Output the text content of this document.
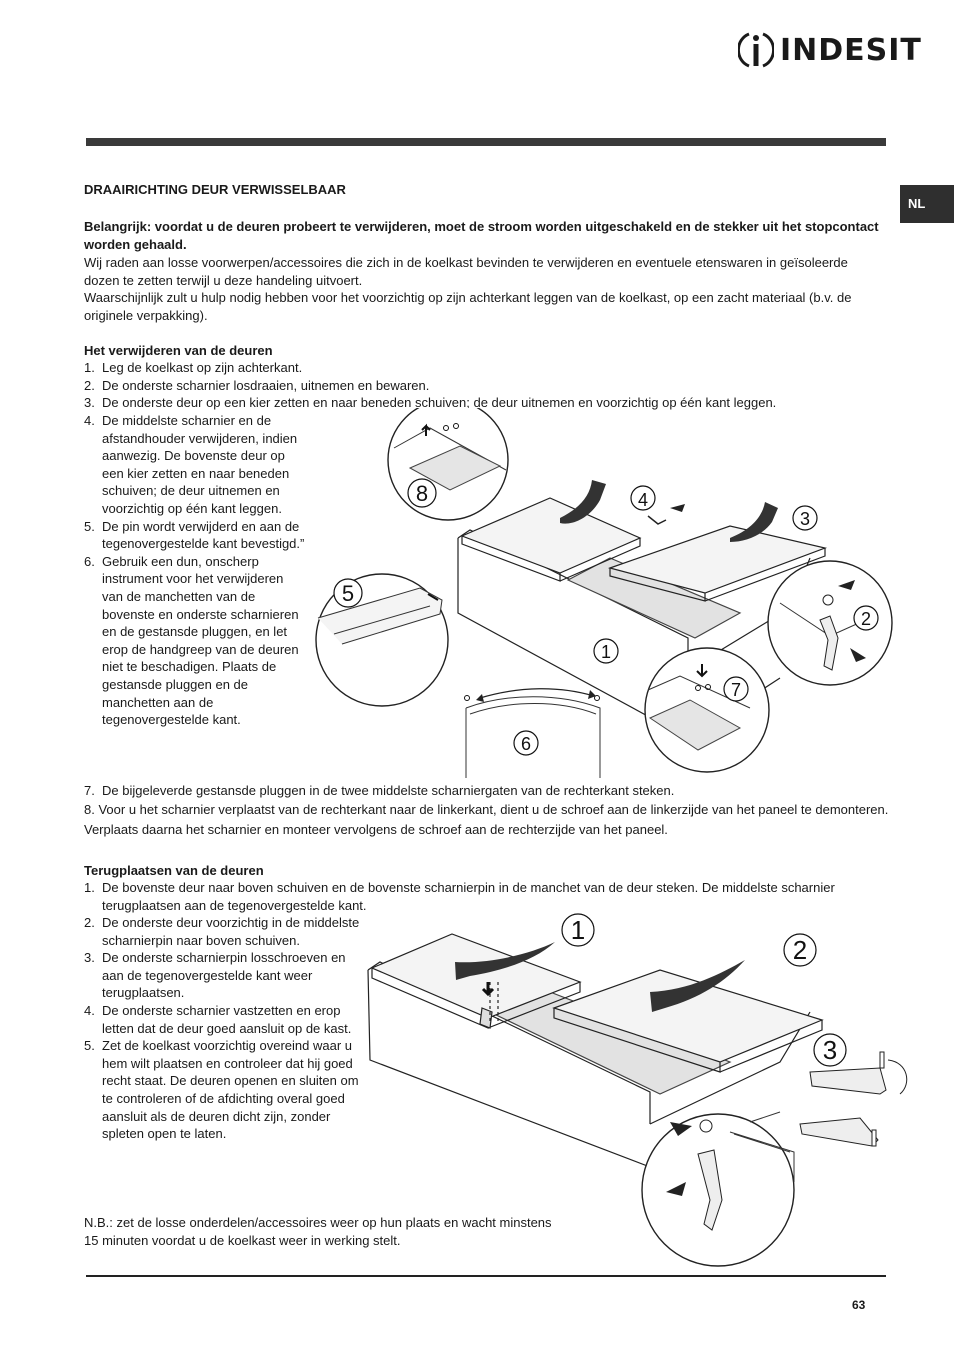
INDESIT
NL
DRAAIRICHTING DEUR VERWISSELBAAR
Belangrijk: voordat u de deuren probeert te verwijderen, moet de stroom worden uitgeschakeld en de stekker uit het stopcontact worden gehaald.
Wij raden aan losse voorwerpen/accessoires die zich in de koelkast bevinden te verwijderen en eventuele etenswaren in geïsoleerde dozen te zetten terwijl u deze handeling uitvoert.
Waarschijnlijk zult u hulp nodig hebben voor het voorzichtig op zijn achterkant leggen van de koelkast, op een zacht materiaal (b.v. de originele verpakking).
Het verwijderen van de deuren
1. Leg de koelkast op zijn achterkant.
2. De onderste scharnier losdraaien, uitnemen en bewaren.
3. De onderste deur op een kier zetten en naar beneden schuiven; de deur uitnemen en voorzichtig op één kant leggen.
4. De middelste scharnier en de afstandhouder verwijderen, indien aanwezig. De bovenste deur op een kier zetten en naar beneden schuiven; de deur uitnemen en voorzichtig op één kant leggen.
5. De pin wordt verwijderd en aan de tegenovergestelde kant bevestigd.”
6. Gebruik een dun, onscherp instrument voor het verwijderen van de manchetten van de bovenste en onderste scharnieren en de gestansde pluggen, en let erop de handgreep van de deuren niet te beschadigen. Plaats de gestansde pluggen en de manchetten aan de tegenovergestelde kant.
7. De bijgeleverde gestansde pluggen in de twee middelste scharniergaten van de rechterkant steken.
8. Voor u het scharnier verplaatst van de rechterkant naar de linkerkant, dient u de schroef aan de linkerzijde van het paneel te demonteren. Verplaats daarna het scharnier en monteer vervolgens de schroef aan de rechterzijde van het paneel.
8	4
3
5
2
1
7
6
Terugplaatsen van de deuren
1. De bovenste deur naar boven schuiven en de bovenste scharnierpin in de manchet van de deur steken. De middelste scharnier terugplaatsen aan de tegenovergestelde kant.
2. De onderste deur voorzichtig in de middelste scharnierpin naar boven schuiven.
3. De onderste scharnierpin losschroeven en aan de tegenovergestelde kant weer terugplaatsen.
4. De onderste scharnier vastzetten en erop letten dat de deur goed aansluit op de kast.
5. Zet de koelkast voorzichtig overeind waar u hem wilt plaatsen en controleer dat hij goed recht staat. De deuren openen en sluiten om te controleren of de afdichting overal goed aansluit als de deuren dicht zijn, zonder spleten open te laten.
N.B.: zet de losse onderdelen/accessoires weer op hun plaats en wacht minstens 15 minuten voordat u de koelkast weer in werking stelt.
1
2
3
63
